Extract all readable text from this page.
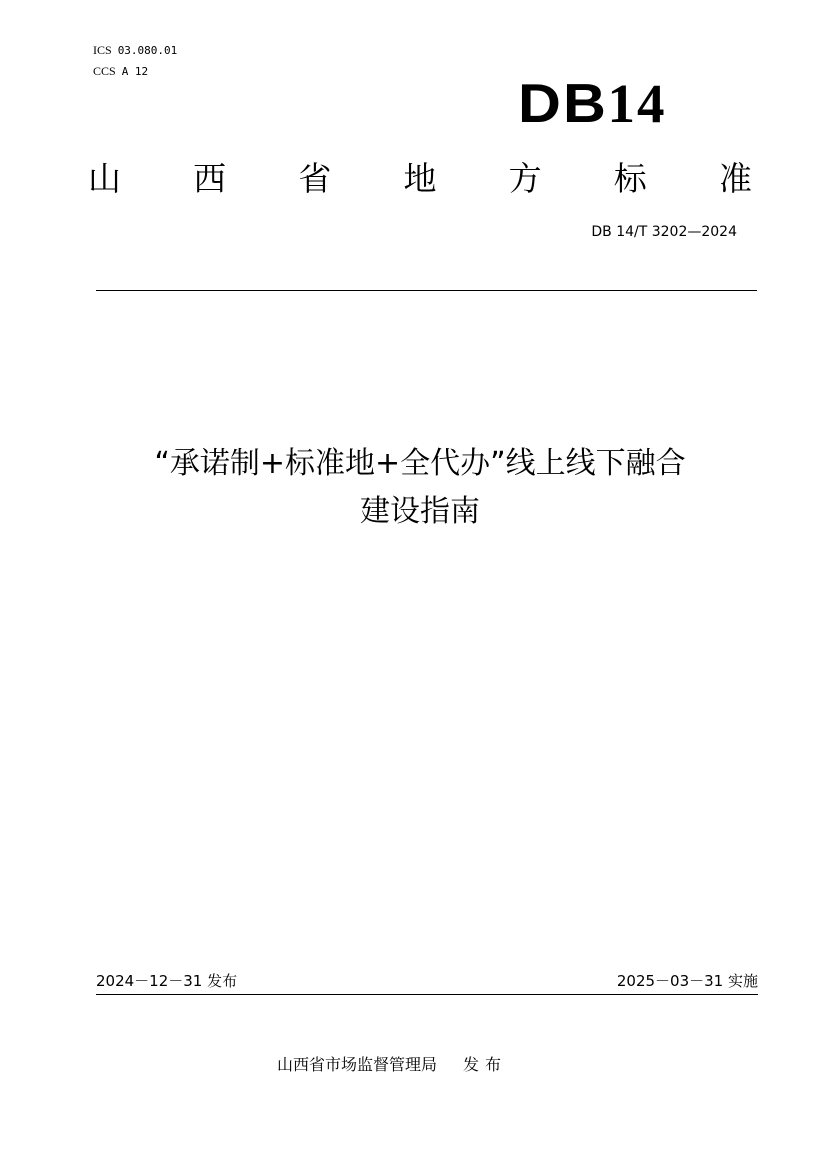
ICS 03.080.01
CCS A 12
DB14
山 西 省 地 方 标 准
DB 14/T 3202—2024
“承诺制+标准地+全代办”线上线下融合
建设指南
2024－12－31 发布	2025－03－31 实施
山西省市场监督管理局 发布
